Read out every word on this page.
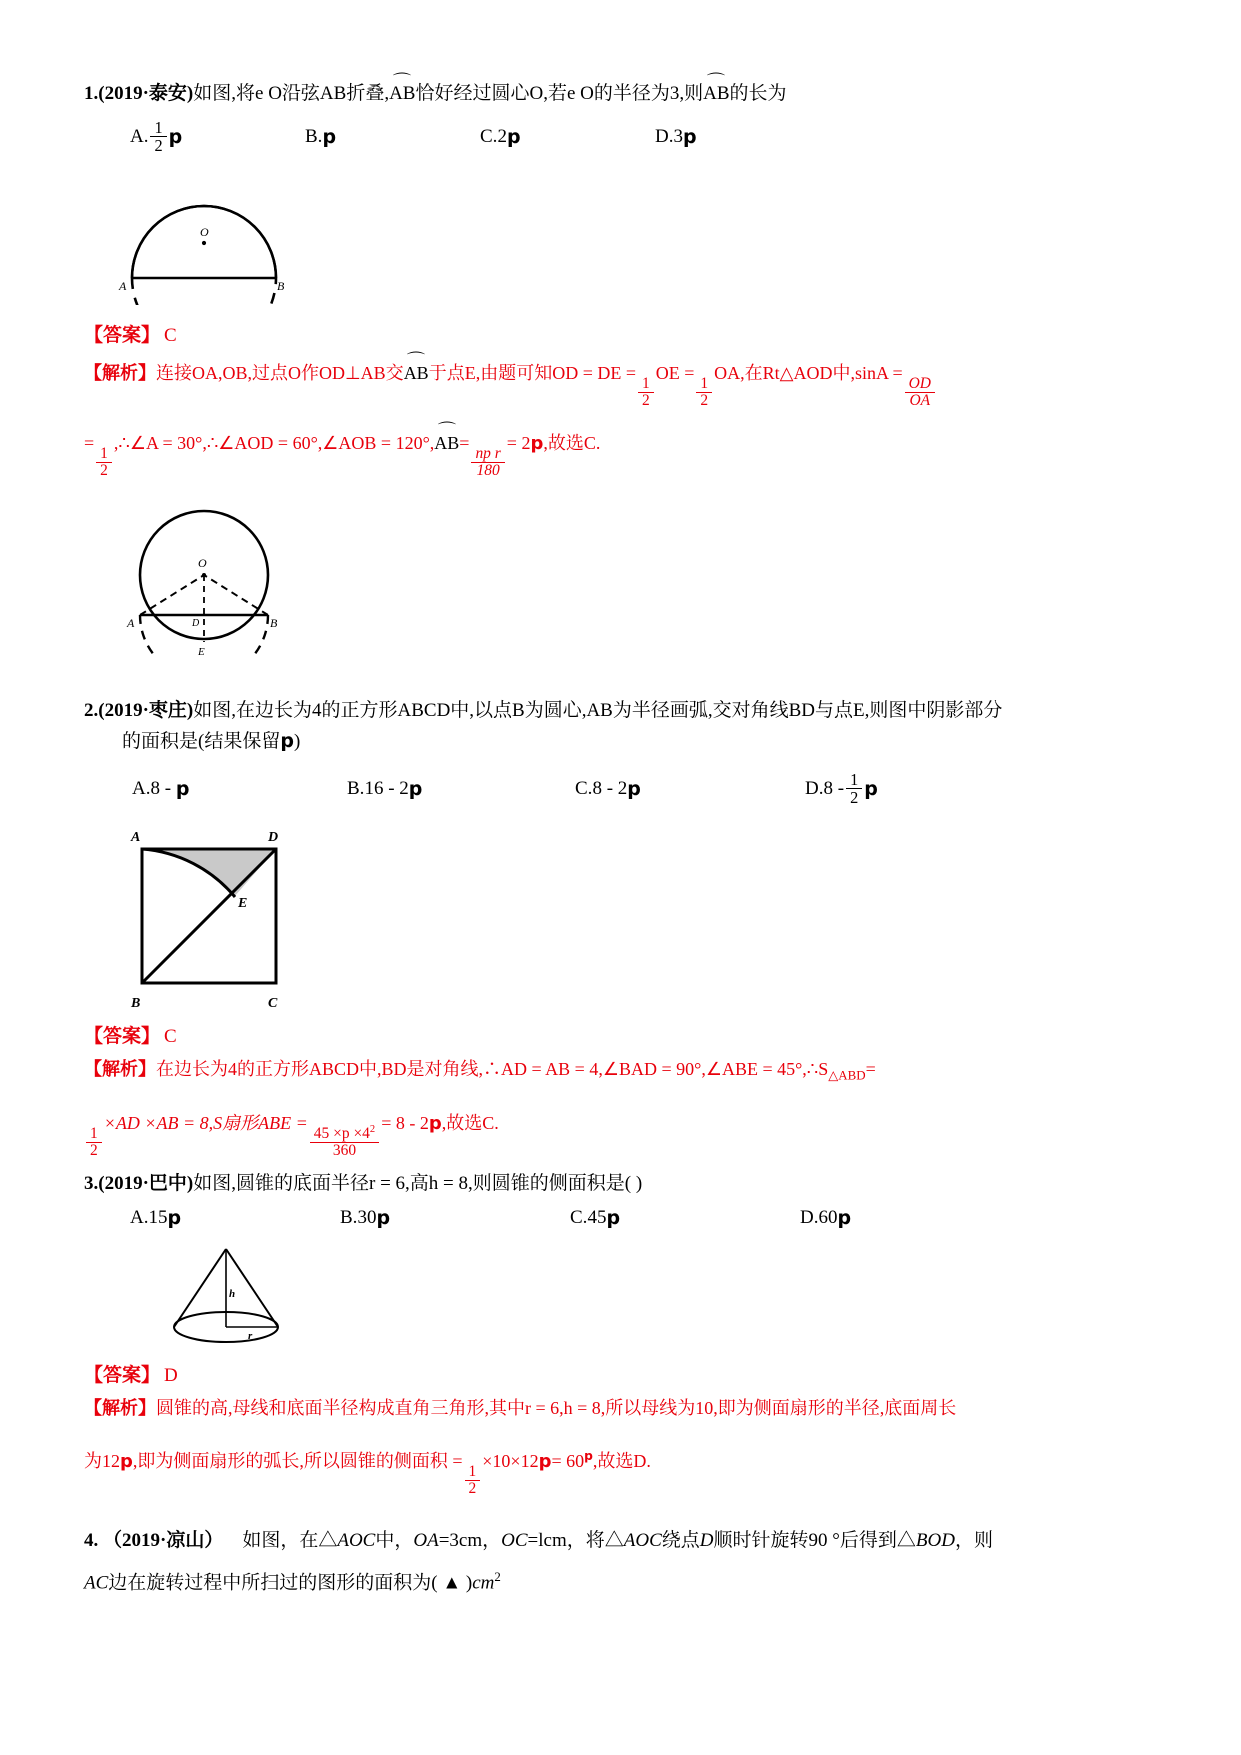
1.(2019·泰安)如图,将e O沿弦AB折叠,⌒ AB恰好经过圆心O,若e O的半径为3,则⌒ AB的长为
A. $\frac{1}{2}$ p	B. p	C. 2 p	D. 3 p
O
A	B
【答案】 C
【解析】连接OA,OB,过点O作OD⊥AB交⌒ AB于点E,由题可知OD = DE =
$\frac{1}{2}$
OE =
$\frac{1}{2}$
OA,在Rt△AOD中,sinA =
$\frac{OD}{OA}$
=
$\frac{1}{2}$
,∴∠A = 30°,∴∠AOD = 60°,∠AOB = 120°,⌒ AB=
$\frac{\text{np r}}{180}$
= 2p,故选C.
O
A	B
D
E
2.(2019·枣庄)如图,在边长为4的正方形ABCD中,以点B为圆心,AB为半径画弧,交对角线BD与点E,则图中阴影部分
的面积是(结果保留p)
A. 8 -
p	B. 16 - 2 p	C. 8 - 2 p	D. $8 - \frac{1}{2}$ p
A	D
B	C
E
【答案】 C
【解析】在边长为4的正方形ABCD中,BD是对角线,∴AD = AB = 4,∠BAD = 90°,∠ABE = $45^\circ,\therefore S_{\triangle ABD}=$
$\frac{1}{2}$
×AD ×AB = 8,S扇形ABE =
$\frac{45 \times p \times 4^2}{360}$
= 8 - 2p,故选C.
3.(2019·巴中)如图,圆锥的底面半径r = 6,高h = 8,则圆锥的侧面积是( )
A. 15 p	B. 30 p	C. 45 p	D. 60 p
h
r
【答案】 D
【解析】圆锥的高,母线和底面半径构成直角三角形,其中r = 6,h = 8,所以母线为10,即为侧面扇形的半径,底面周长
为12p,即为侧面扇形的弧长,所以圆锥的侧面积 =
$\frac{1}{2}$
$\times 10\times 12p= 60^p$,故选D.
4. （2019·凉山） 如图，在△AOC中，OA=3cm，OC=lcm，将△AOC绕点D顺时针旋转90 °后得到△BOD，则
AC边在旋转过程中所扫过的图形的面积为( ▲ )$cm^2$
